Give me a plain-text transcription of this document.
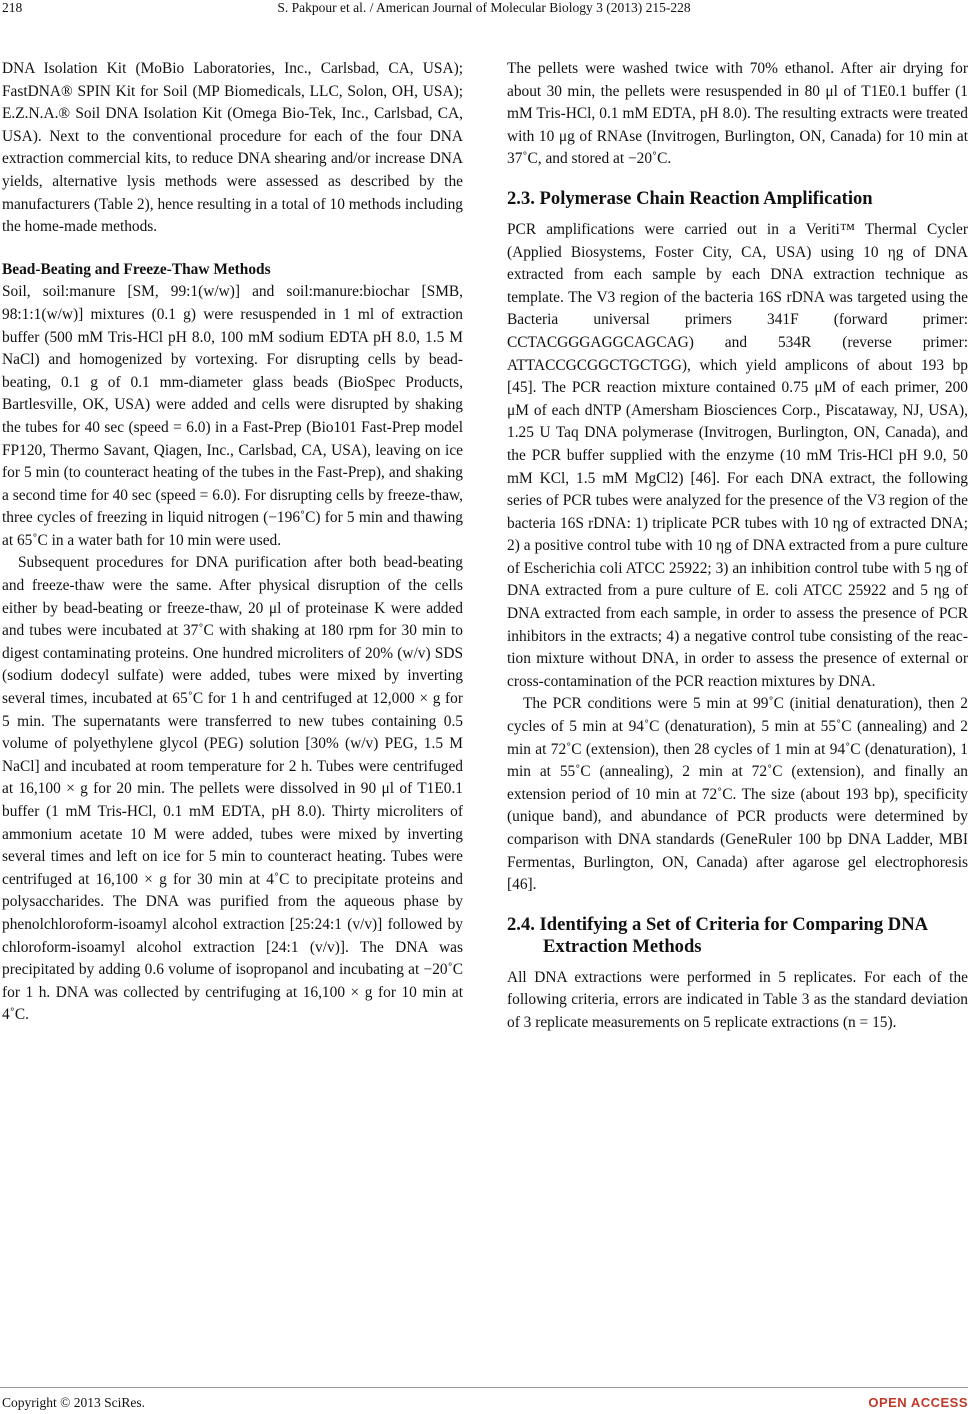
218	S. Pakpour et al. / American Journal of Molecular Biology 3 (2013) 215-228

DNA Isolation Kit (MoBio Laboratories, Inc., Carlsbad, CA, USA); FastDNA® SPIN Kit for Soil (MP Biomedicals, LLC, Solon, OH, USA); E.Z.N.A.® Soil DNA Isolation Kit (Omega Bio-Tek, Inc., Carlsbad, CA, USA). Next to the conventional procedure for each of the four DNA extraction commercial kits, to reduce DNA shearing and/or increase DNA yields, alternative lysis methods were assessed as described by the manufacturers (Table 2), hence resulting in a total of 10 methods including the home-made methods.

Bead-Beating and Freeze-Thaw Methods

Soil, soil:manure [SM, 99:1(w/w)] and soil:manure:biochar [SMB, 98:1:1(w/w)] mixtures (0.1 g) were resuspended in 1 ml of extraction buffer (500 mM Tris-HCl pH 8.0, 100 mM sodium EDTA pH 8.0, 1.5 M NaCl) and homogenized by vortexing. For disrupting cells by bead-beating, 0.1 g of 0.1 mm-diameter glass beads (BioSpec Products, Bartlesville, OK, USA) were added and cells were disrupted by shaking the tubes for 40 sec (speed = 6.0) in a Fast-Prep (Bio101 Fast-Prep model FP120, Thermo Savant, Qiagen, Inc., Carlsbad, CA, USA), leaving on ice for 5 min (to counteract heating of the tubes in the Fast-Prep), and shaking a second time for 40 sec (speed = 6.0). For disrupting cells by freeze-thaw, three cycles of freezing in liquid nitrogen (−196˚C) for 5 min and thawing at 65˚C in a water bath for 10 min were used.

Subsequent procedures for DNA purification after both bead-beating and freeze-thaw were the same. After physical disruption of the cells either by bead-beating or freeze-thaw, 20 μl of proteinase K were added and tubes were incubated at 37˚C with shaking at 180 rpm for 30 min to digest contaminating proteins. One hundred microliters of 20% (w/v) SDS (sodium dodecyl sulfate) were added, tubes were mixed by inverting several times, incubated at 65˚C for 1 h and centrifuged at 12,000 × g for 5 min. The supernatants were transferred to new tubes containing 0.5 volume of polyethylene glycol (PEG) solution [30% (w/v) PEG, 1.5 M NaCl] and incubated at room temperature for 2 h. Tubes were centrifuged at 16,100 × g for 20 min. The pellets were dissolved in 90 μl of T1E0.1 buffer (1 mM Tris-HCl, 0.1 mM EDTA, pH 8.0). Thirty microliters of ammonium acetate 10 M were added, tubes were mixed by inverting several times and left on ice for 5 min to counteract heating. Tubes were centrifuged at 16,100 × g for 30 min at 4˚C to precipitate proteins and polysaccharides. The DNA was purified from the aqueous phase by phenolchloroform-isoamyl alcohol extraction [25:24:1 (v/v)] followed by chloroform-isoamyl alcohol extraction [24:1 (v/v)]. The DNA was precipitated by adding 0.6 volume of isopropanol and incubating at −20˚C for 1 h. DNA was collected by centrifuging at 16,100 × g for 10 min at 4˚C.

The pellets were washed twice with 70% ethanol. After air drying for about 30 min, the pellets were resuspended in 80 μl of T1E0.1 buffer (1 mM Tris-HCl, 0.1 mM EDTA, pH 8.0). The resulting extracts were treated with 10 μg of RNAse (Invitrogen, Burlington, ON, Canada) for 10 min at 37˚C, and stored at −20˚C.

2.3. Polymerase Chain Reaction Amplification

PCR amplifications were carried out in a Veriti™ Thermal Cycler (Applied Biosystems, Foster City, CA, USA) using 10 ηg of DNA extracted from each sample by each DNA extraction technique as template. The V3 region of the bacteria 16S rDNA was targeted using the Bacteria universal primers 341F (forward primer: CCTACGGGAGGCAGCAG) and 534R (reverse primer: ATTACCGCGGCTGCTGG), which yield amplicons of about 193 bp [45]. The PCR reaction mixture contained 0.75 μM of each primer, 200 μM of each dNTP (Amersham Biosciences Corp., Piscataway, NJ, USA), 1.25 U Taq DNA polymerase (Invitrogen, Burlington, ON, Canada), and the PCR buffer supplied with the enzyme (10 mM Tris-HCl pH 9.0, 50 mM KCl, 1.5 mM MgCl2) [46]. For each DNA extract, the following series of PCR tubes were analyzed for the presence of the V3 region of the bacteria 16S rDNA: 1) triplicate PCR tubes with 10 ηg of extracted DNA; 2) a positive control tube with 10 ηg of DNA extracted from a pure culture of Escherichia coli ATCC 25922; 3) an inhibition control tube with 5 ηg of DNA extracted from a pure culture of E. coli ATCC 25922 and 5 ηg of DNA extracted from each sample, in order to assess the presence of PCR inhibitors in the extracts; 4) a negative control tube consisting of the reaction mixture without DNA, in order to assess the presence of external or cross-contamination of the PCR reaction mixtures by DNA.

The PCR conditions were 5 min at 99˚C (initial denaturation), then 2 cycles of 5 min at 94˚C (denaturation), 5 min at 55˚C (annealing) and 2 min at 72˚C (extension), then 28 cycles of 1 min at 94˚C (denaturation), 1 min at 55˚C (annealing), 2 min at 72˚C (extension), and finally an extension period of 10 min at 72˚C. The size (about 193 bp), specificity (unique band), and abundance of PCR products were determined by comparison with DNA standards (GeneRuler 100 bp DNA Ladder, MBI Fermentas, Burlington, ON, Canada) after agarose gel electrophoresis [46].

2.4. Identifying a Set of Criteria for Comparing DNA Extraction Methods

All DNA extractions were performed in 5 replicates. For each of the following criteria, errors are indicated in Table 3 as the standard deviation of 3 replicate measurements on 5 replicate extractions (n = 15).

Copyright © 2013 SciRes.	OPEN ACCESS
